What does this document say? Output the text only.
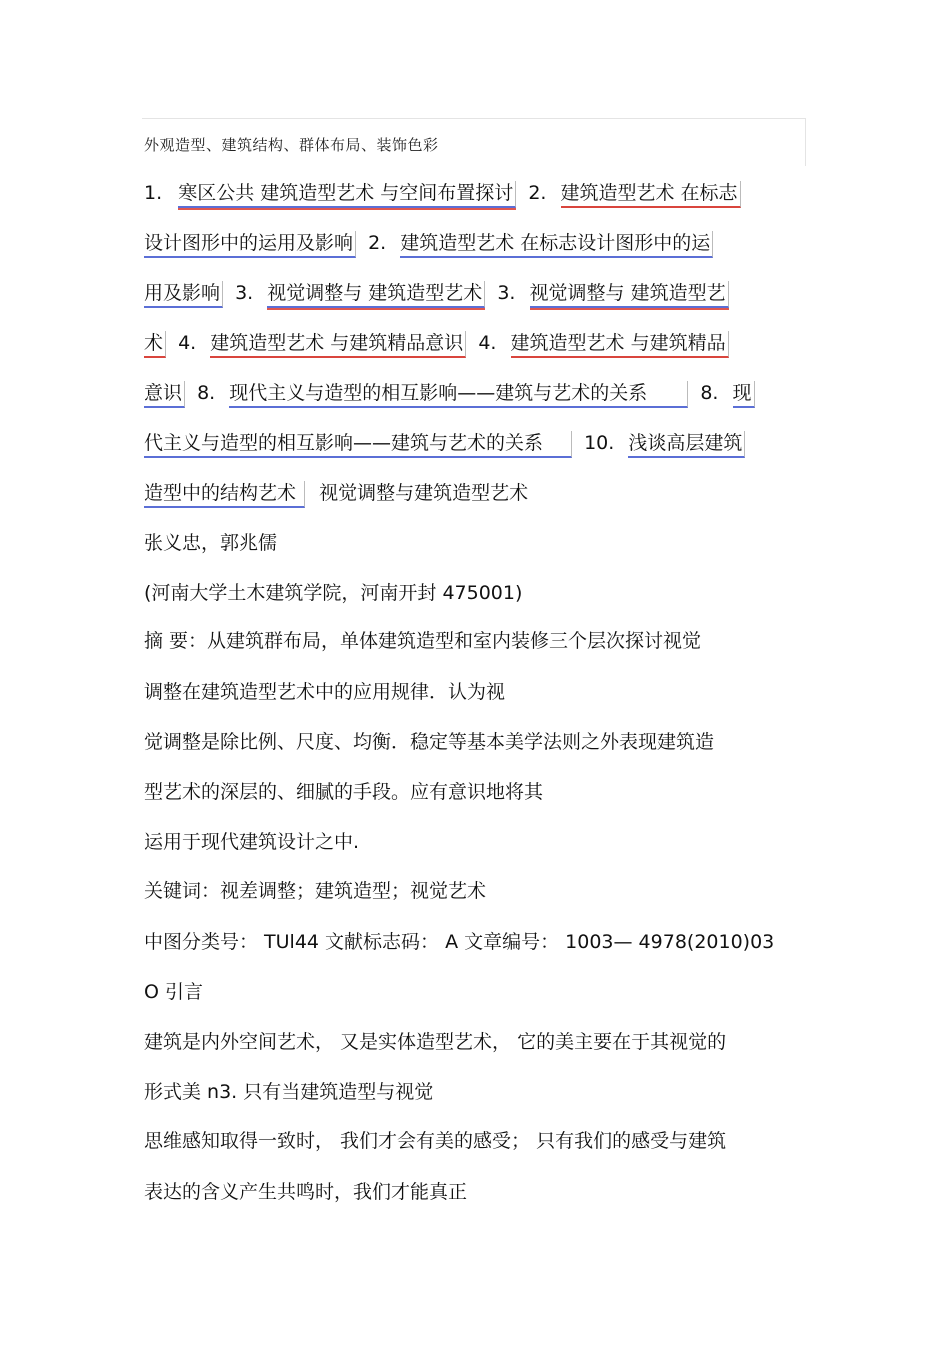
外观造型、建筑结构、群体布局、装饰色彩
1. 寒区公共 建筑造型艺术 与空间布置探讨 2. 建筑造型艺术 在标志
设计图形中的运用及影响 2. 建筑造型艺术 在标志设计图形中的运
用及影响 3. 视觉调整与 建筑造型艺术 3. 视觉调整与 建筑造型艺
术 4. 建筑造型艺术 与建筑精品意识 4. 建筑造型艺术 与建筑精品
意识 8. 现代主义与造型的相互影响——建筑与艺术的关系	8. 现
代主义与造型的相互影响——建筑与艺术的关系 10. 浅谈高层建筑
造型中的结构艺术 视觉调整与建筑造型艺术
张义忠，郭兆儒
(河南大学土木建筑学院，河南开封 475001)
摘 要：从建筑群布局，单体建筑造型和室内装修三个层次探讨视觉
调整在建筑造型艺术中的应用规律．认为视
觉调整是除比例、尺度、均衡．稳定等基本美学法则之外表现建筑造
型艺术的深层的、细腻的手段。应有意识地将其
运用于现代建筑设计之中.
关键词：视差调整；建筑造型；视觉艺术
中图分类号： TUl44 文献标志码： A 文章编号： 1003— 4978(2010)03
O 引言
建筑是内外空间艺术， 又是实体造型艺术， 它的美主要在于其视觉的
形式美 n3. 只有当建筑造型与视觉
思维感知取得一致时， 我们才会有美的感受； 只有我们的感受与建筑
表达的含义产生共鸣时，我们才能真正
